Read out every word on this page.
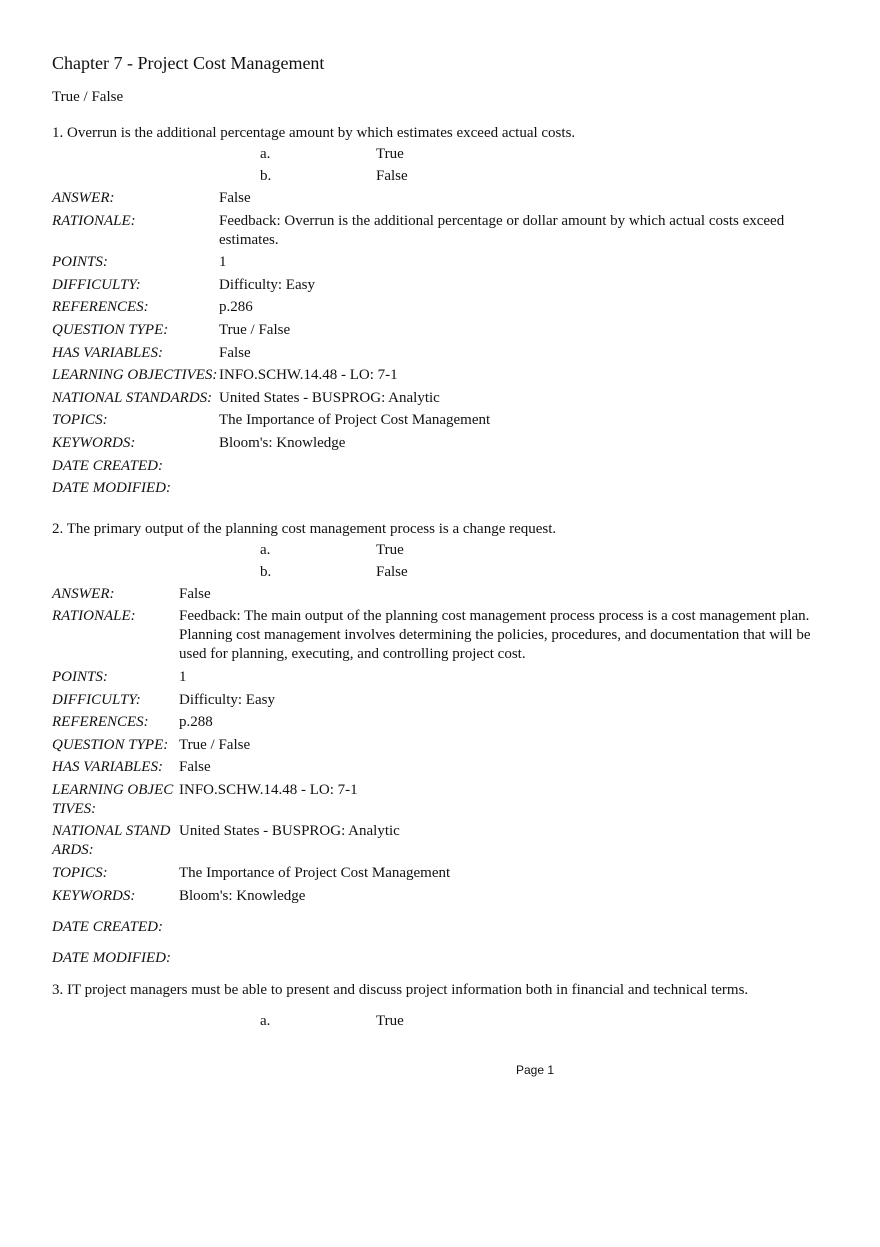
Chapter 7 - Project Cost Management
True / False

1. Overrun is the additional percentage amount by which estimates exceed actual costs.

a.	True
b.	False
ANSWER:	False
RATIONALE:	Feedback: Overrun is the additional percentage or dollar amount by which actual costs exceed estimates.
POINTS:	1
DIFFICULTY:	Difficulty: Easy
REFERENCES:	p.286
QUESTION TYPE:	True / False
HAS VARIABLES:	False
LEARNING OBJECTIVES:	INFO.SCHW.14.48 - LO: 7-1
NATIONAL STANDARDS:	United States - BUSPROG: Analytic
TOPICS:	The Importance of Project Cost Management
KEYWORDS:	Bloom's: Knowledge
DATE CREATED:	
DATE MODIFIED:	

2. The primary output of the planning cost management process is a change request.

a.	True
b.	False
ANSWER:	False
RATIONALE:	Feedback: The main output of the planning cost management process process is a cost management plan. Planning cost management involves determining the policies, procedures, and documentation that will be used for planning, executing, and controlling project cost.
POINTS:	1
DIFFICULTY:	Difficulty: Easy
REFERENCES:	p.288
QUESTION TYPE:	True / False
HAS VARIABLES:	False
LEARNING OBJECTIVES:	INFO.SCHW.14.48 - LO: 7-1
NATIONAL STANDARDS:	United States - BUSPROG: Analytic
TOPICS:	The Importance of Project Cost Management
KEYWORDS:	Bloom's: Knowledge
DATE CREATED:	
DATE MODIFIED:	

3. IT project managers must be able to present and discuss project information both in financial and technical terms.

a.	True
Page 1
